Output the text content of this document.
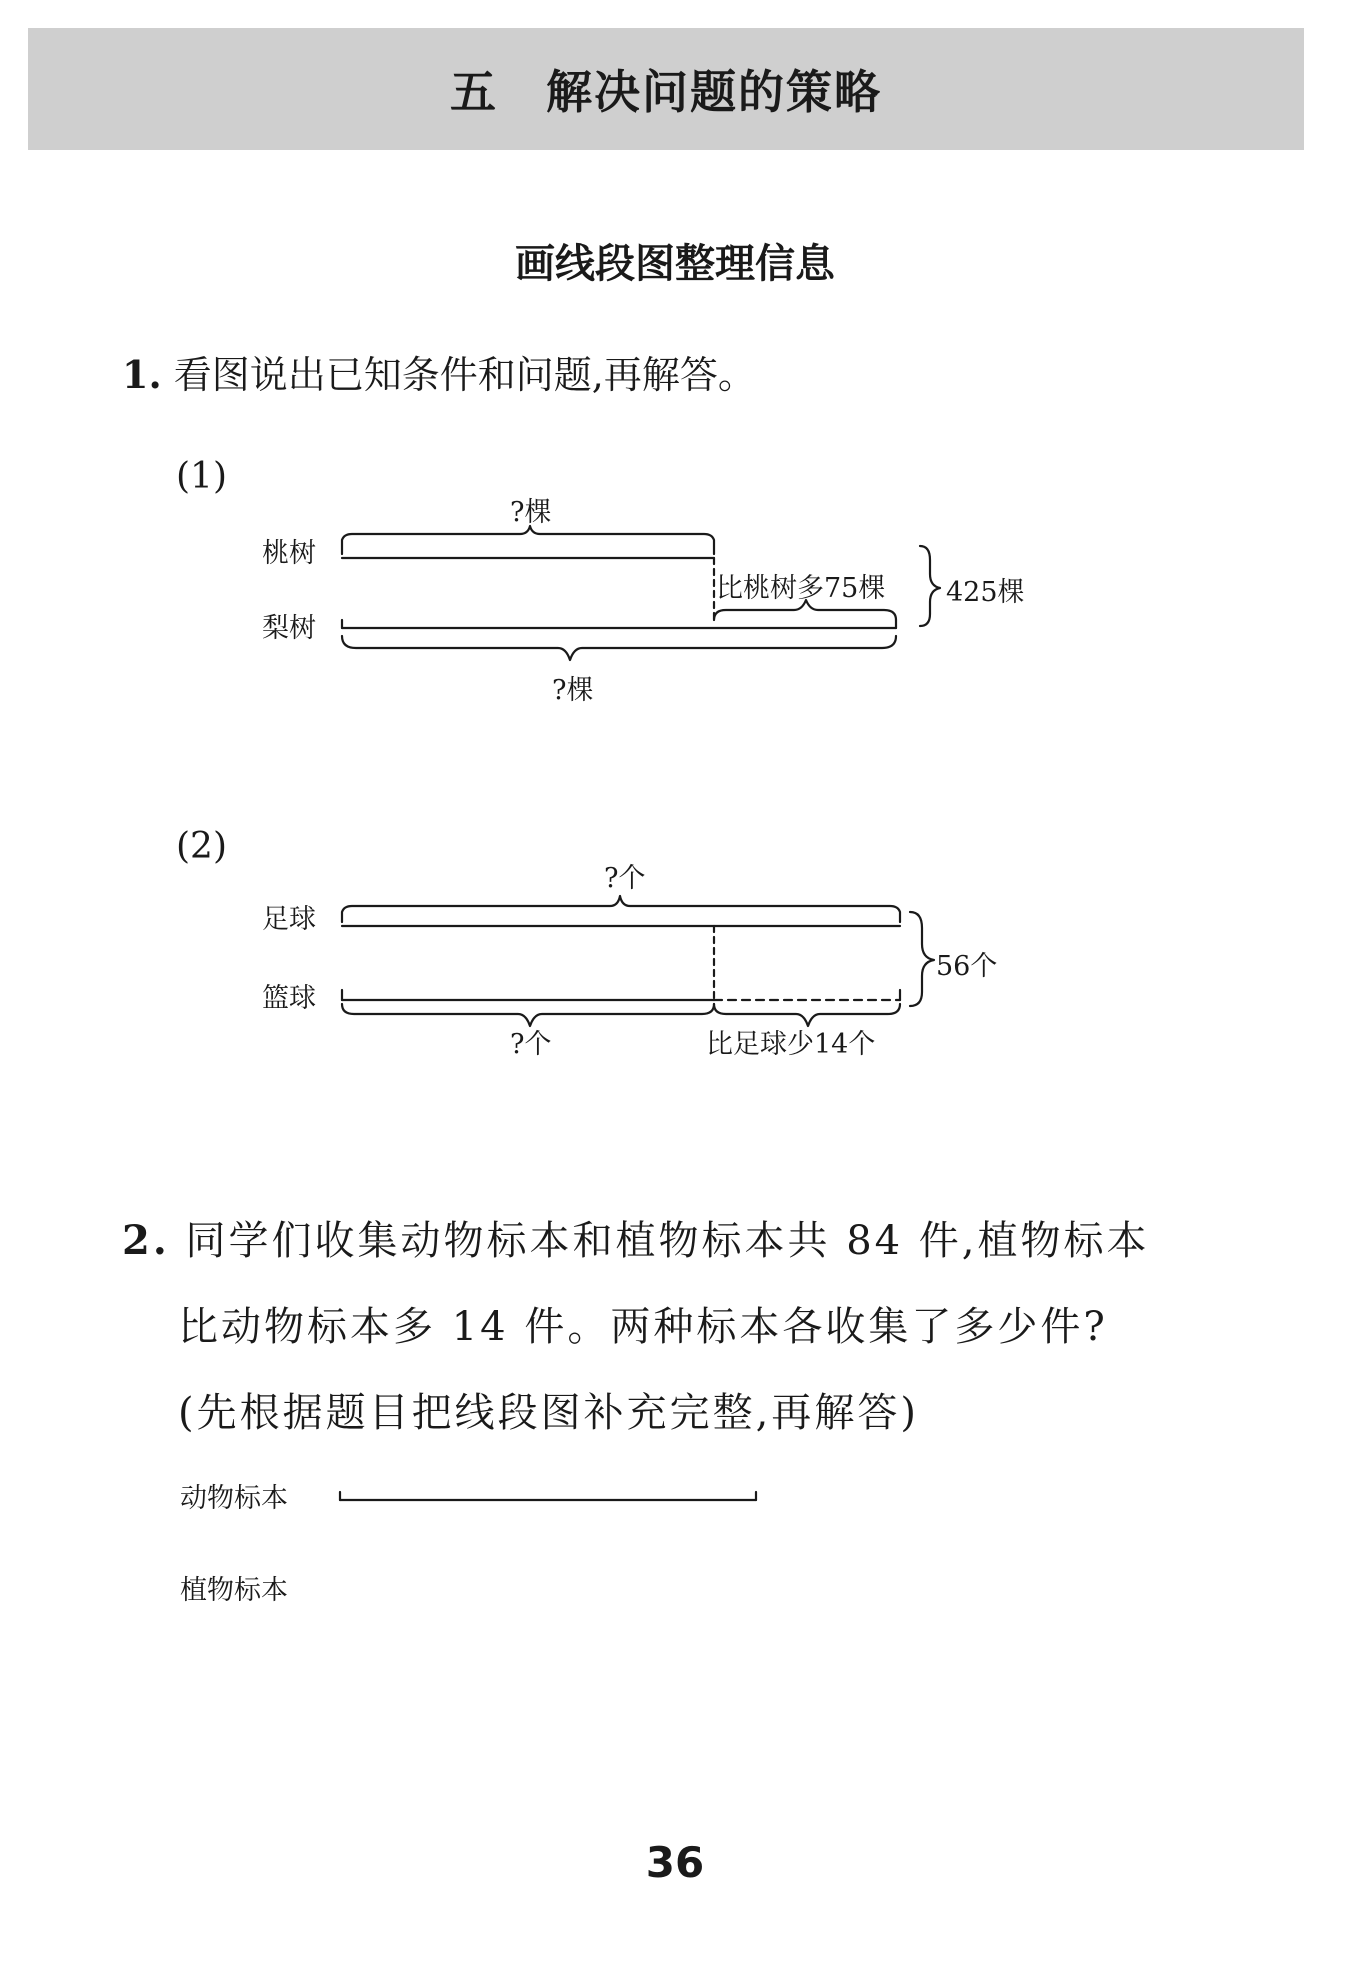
五　解决问题的策略
画线段图整理信息
1. 看图说出已知条件和问题,再解答。
(1)
桃树
梨树
?棵
比桃树多75棵 425棵
?棵
(2)
足球
篮球
?个
56个
?个	比足球少14个
2. 同学们收集动物标本和植物标本共 84 件,植物标本
比动物标本多 14 件。两种标本各收集了多少件?
(先根据题目把线段图补充完整,再解答)
动物标本
植物标本
36
